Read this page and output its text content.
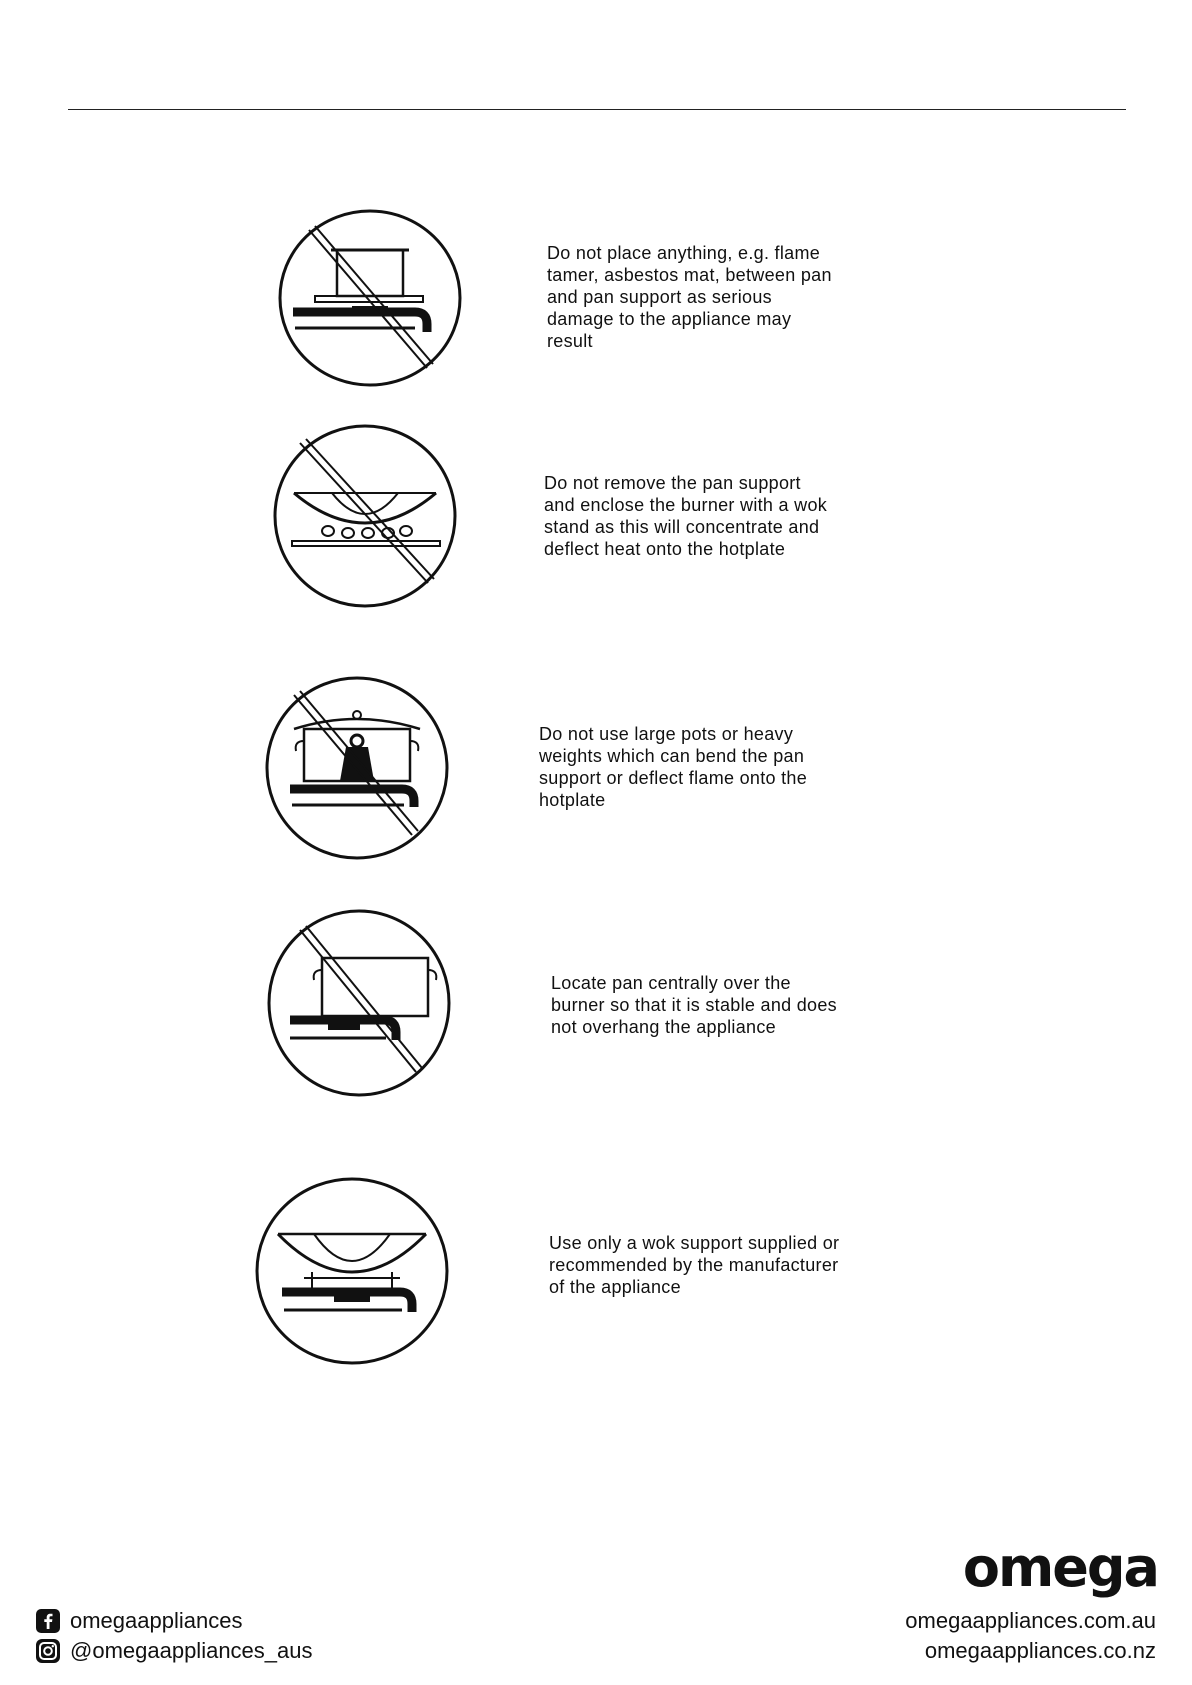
Do not place anything, e.g. flame
tamer, asbestos mat, between pan
and pan support as serious
damage to the appliance may
result
Do not remove the pan support
and enclose the burner with a wok
stand as this will concentrate and
deflect heat onto the hotplate
Do not use large pots or heavy
weights which can bend the pan
support or deflect flame onto the
hotplate
Locate pan centrally over the
burner so that it is stable and does
not overhang the appliance
Use only a wok support supplied or
recommended by the manufacturer
of the appliance
omega
omegaappliances
@omegaappliances_aus
omegaappliances.com.au
omegaappliances.co.nz
